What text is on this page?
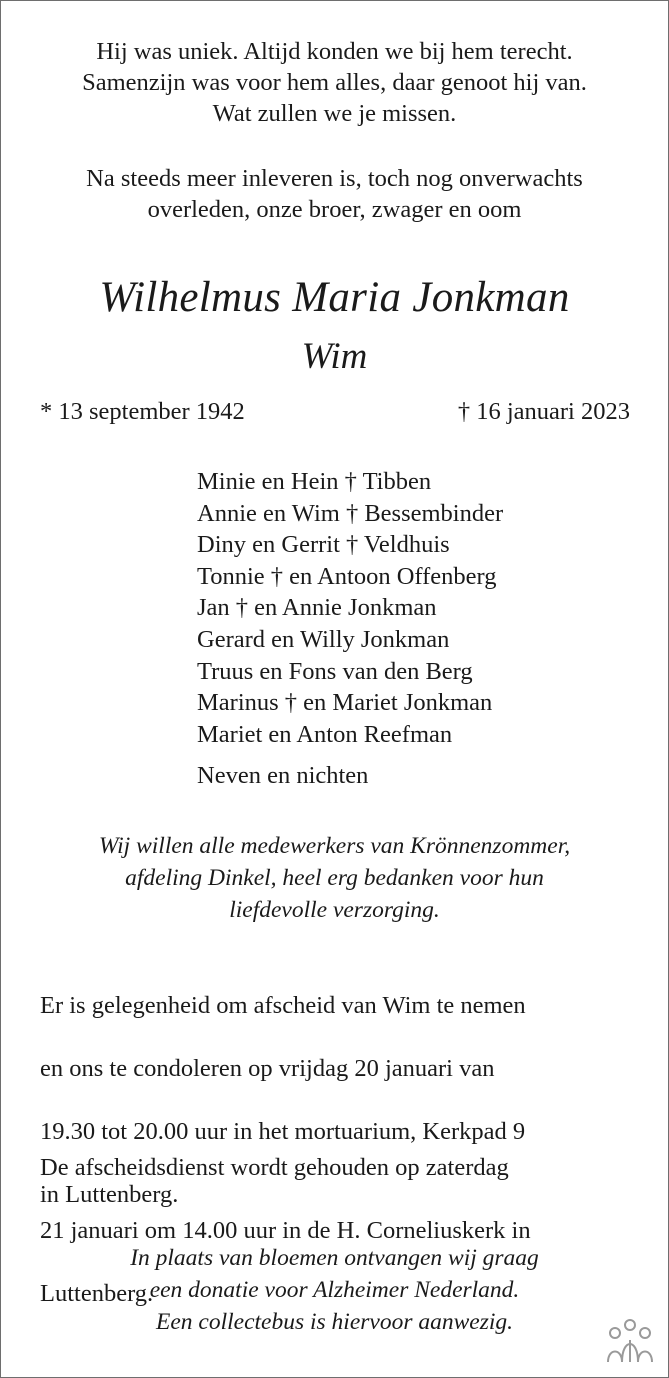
Hij was uniek. Altijd konden we bij hem terecht.
Samenzijn was voor hem alles, daar genoot hij van.
Wat zullen we je missen.
Na steeds meer inleveren is, toch nog onverwachts
overleden, onze broer, zwager en oom
Wilhelmus Maria Jonkman
Wim
* 13 september 1942	† 16 januari 2023
Minie en Hein † Tibben
Annie en Wim † Bessembinder
Diny en Gerrit † Veldhuis
Tonnie † en Antoon Offenberg
Jan † en Annie Jonkman
Gerard en Willy Jonkman
Truus en Fons van den Berg
Marinus † en Mariet Jonkman
Mariet en Anton Reefman
Neven en nichten
Wij willen alle medewerkers van Krönnenzommer,
afdeling Dinkel, heel erg bedanken voor hun
liefdevolle verzorging.

Er is gelegenheid om afscheid van Wim te nemen

en ons te condoleren op vrijdag 20 januari van

19.30 tot 20.00 uur in het mortuarium, Kerkpad 9

in Luttenberg.

De afscheidsdienst wordt gehouden op zaterdag

21 januari om 14.00 uur in de H. Corneliuskerk in

Luttenberg.

In plaats van bloemen ontvangen wij graag
een donatie voor Alzheimer Nederland.
Een collectebus is hiervoor aanwezig.
